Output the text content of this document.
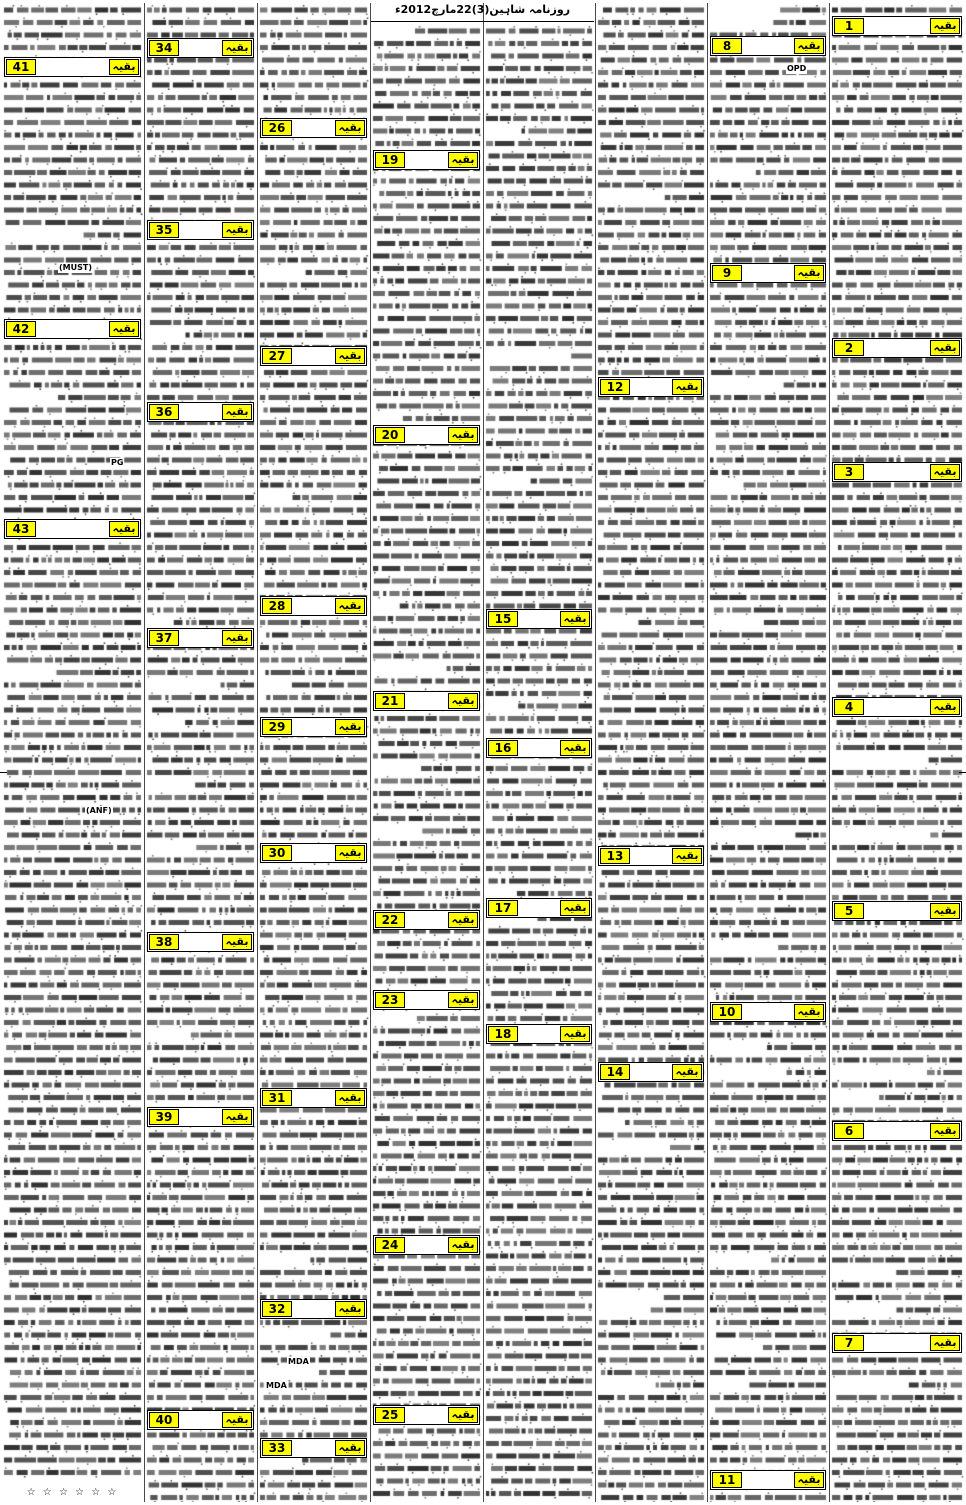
روزنامہ شاہین(3)22مارچ2012ء
OPD
(MUST)
PG
(ANF)
MDA
MDA
1	بقیہ
2	بقیہ
3	بقیہ
4	بقیہ
5	بقیہ
6	بقیہ
7	بقیہ
8	بقیہ
9	بقیہ
10	بقیہ
11	بقیہ
12	بقیہ
13	بقیہ
14	بقیہ
15	بقیہ
16	بقیہ
17	بقیہ
18	بقیہ
19	بقیہ
20	بقیہ
21	بقیہ
22	بقیہ
23	بقیہ
24	بقیہ
25	بقیہ
26	بقیہ
27	بقیہ
28	بقیہ
29	بقیہ
30	بقیہ
31	بقیہ
32	بقیہ
33	بقیہ
34	بقیہ
35	بقیہ
36	بقیہ
37	بقیہ
38	بقیہ
39	بقیہ
40	بقیہ
41	بقیہ
42	بقیہ
43	بقیہ
☆ ☆ ☆ ☆ ☆ ☆
